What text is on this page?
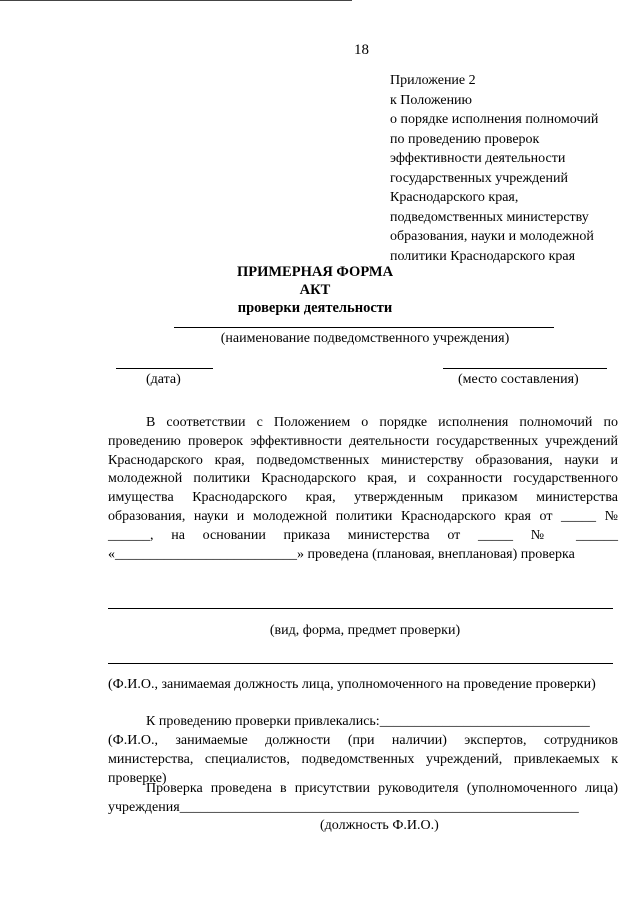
18
Приложение 2
к Положению
о порядке исполнения полномочий
по проведению проверок
эффективности деятельности
государственных учреждений
Краснодарского края,
подведомственных министерству
образования, науки и молодежной
политики Краснодарского края
ПРИМЕРНАЯ ФОРМА
АКТ
проверки деятельности
(наименование подведомственного учреждения)
(дата)	(место составления)
В соответствии с Положением о порядке исполнения полномочий по проведению проверок эффективности деятельности государственных учреждений Краснодарского края, подведомственных министерству образования, науки и молодежной политики Краснодарского края, и сохранности государственного имущества Краснодарского края, утвержденным приказом министерства образования, науки и молодежной политики Краснодарского края от _____ № ______, на основании приказа министерства от _____ № ______ «__________________________» проведена (плановая, внеплановая) проверка
(вид, форма, предмет проверки)
(Ф.И.О., занимаемая должность лица, уполномоченного на проведение проверки)
К проведению проверки привлекались:______________________________
(Ф.И.О., занимаемые должности (при наличии) экспертов, сотрудников министерства, специалистов, подведомственных учреждений, привлекаемых к проверке)
Проверка проведена в присутствии руководителя (уполномоченного лица) учреждения_________________________________________________________
(должность Ф.И.О.)
